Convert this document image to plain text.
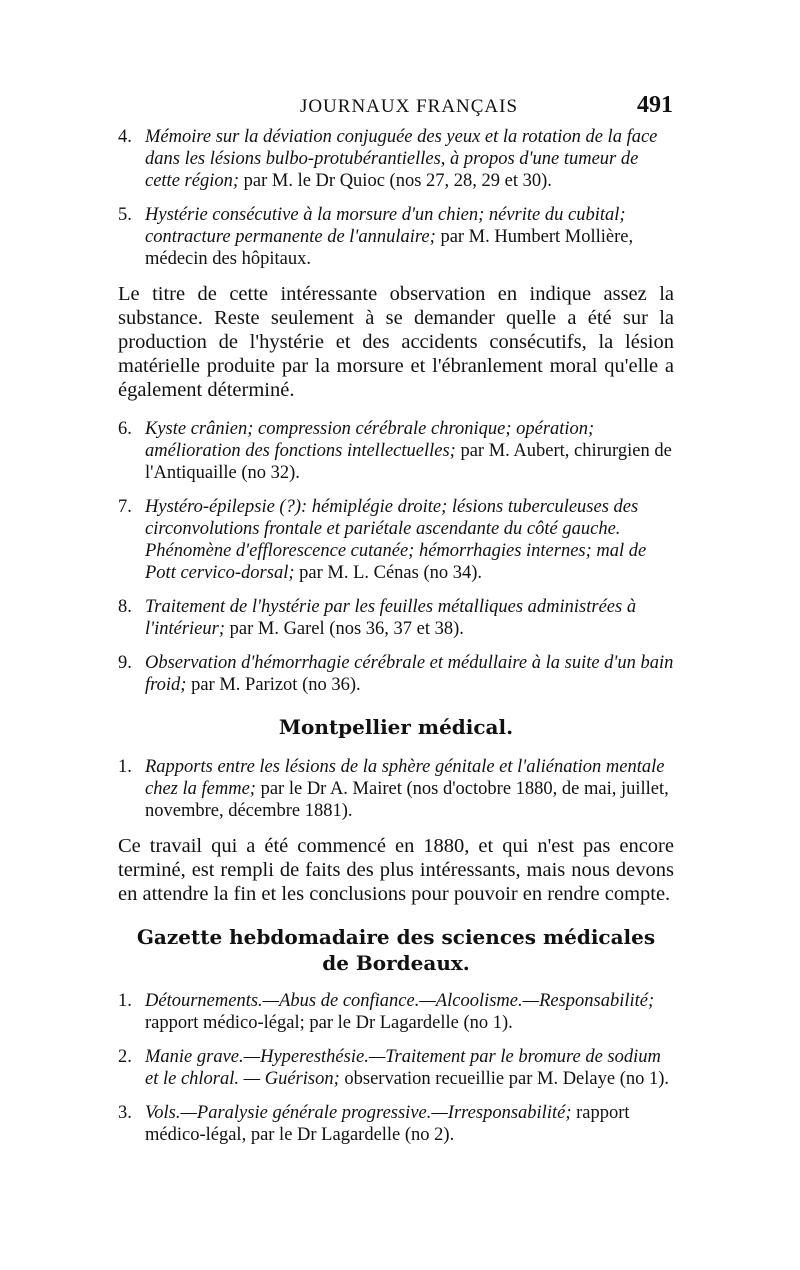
JOURNAUX FRANÇAIS	491
4. Mémoire sur la déviation conjuguée des yeux et la rotation de la face dans les lésions bulbo-protubérantielles, à propos d'une tumeur de cette région; par M. le Dr Quioc (nos 27, 28, 29 et 30).
5. Hystérie consécutive à la morsure d'un chien; névrite du cubital; contracture permanente de l'annulaire; par M. Humbert Mollière, médecin des hôpitaux.

Le titre de cette intéressante observation en indique assez la substance. Reste seulement à se demander quelle a été sur la production de l'hystérie et des accidents consécutifs, la lésion matérielle produite par la morsure et l'ébranlement moral qu'elle a également déterminé.

6. Kyste crânien; compression cérébrale chronique; opération; amélioration des fonctions intellectuelles; par M. Aubert, chirurgien de l'Antiquaille (no 32).
7. Hystéro-épilepsie (?): hémiplégie droite; lésions tuberculeuses des circonvolutions frontale et pariétale ascendante du côté gauche. Phénomène d'efflorescence cutanée; hémorrhagies internes; mal de Pott cervico-dorsal; par M. L. Cénas (no 34).
8. Traitement de l'hystérie par les feuilles métalliques administrées à l'intérieur; par M. Garel (nos 36, 37 et 38).
9. Observation d'hémorrhagie cérébrale et médullaire à la suite d'un bain froid; par M. Parizot (no 36).
Montpellier médical.
1. Rapports entre les lésions de la sphère génitale et l'aliénation mentale chez la femme; par le Dr A. Mairet (nos d'octobre 1880, de mai, juillet, novembre, décembre 1881).

Ce travail qui a été commencé en 1880, et qui n'est pas encore terminé, est rempli de faits des plus intéressants, mais nous devons en attendre la fin et les conclusions pour pouvoir en rendre compte.

Gazette hebdomadaire des sciences médicales
de Bordeaux.
1. Détournements.—Abus de confiance.—Alcoolisme.—Responsabilité; rapport médico-légal; par le Dr Lagardelle (no 1).
2. Manie grave.—Hyperesthésie.—Traitement par le bromure de sodium et le chloral. — Guérison; observation recueillie par M. Delaye (no 1).
3. Vols.—Paralysie générale progressive.—Irresponsabilité; rapport médico-légal, par le Dr Lagardelle (no 2).
